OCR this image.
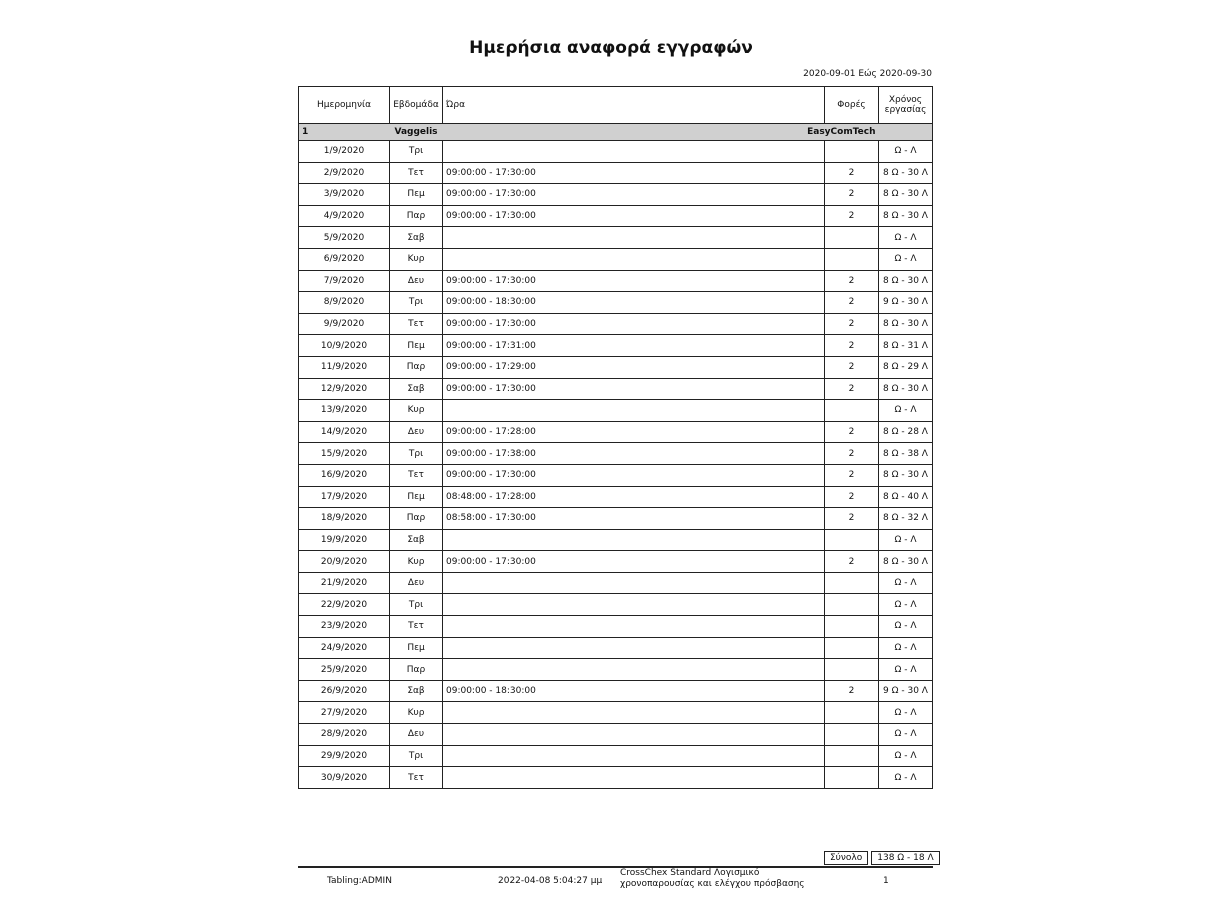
Ημερήσια αναφορά εγγραφών
2020-09-01 Εώς 2020-09-30
Ημερομηνία	Εβδομάδα	Ώρα	Φορές	Χρόνος
εργασίας
1	Vaggelis	EasyComTech		
1/9/2020	Τρι			Ω - Λ
2/9/2020	Τετ	09:00:00 - 17:30:00	2	8 Ω - 30 Λ
3/9/2020	Πεμ	09:00:00 - 17:30:00	2	8 Ω - 30 Λ
4/9/2020	Παρ	09:00:00 - 17:30:00	2	8 Ω - 30 Λ
5/9/2020	Σαβ			Ω - Λ
6/9/2020	Κυρ			Ω - Λ
7/9/2020	Δευ	09:00:00 - 17:30:00	2	8 Ω - 30 Λ
8/9/2020	Τρι	09:00:00 - 18:30:00	2	9 Ω - 30 Λ
9/9/2020	Τετ	09:00:00 - 17:30:00	2	8 Ω - 30 Λ
10/9/2020	Πεμ	09:00:00 - 17:31:00	2	8 Ω - 31 Λ
11/9/2020	Παρ	09:00:00 - 17:29:00	2	8 Ω - 29 Λ
12/9/2020	Σαβ	09:00:00 - 17:30:00	2	8 Ω - 30 Λ
13/9/2020	Κυρ			Ω - Λ
14/9/2020	Δευ	09:00:00 - 17:28:00	2	8 Ω - 28 Λ
15/9/2020	Τρι	09:00:00 - 17:38:00	2	8 Ω - 38 Λ
16/9/2020	Τετ	09:00:00 - 17:30:00	2	8 Ω - 30 Λ
17/9/2020	Πεμ	08:48:00 - 17:28:00	2	8 Ω - 40 Λ
18/9/2020	Παρ	08:58:00 - 17:30:00	2	8 Ω - 32 Λ
19/9/2020	Σαβ			Ω - Λ
20/9/2020	Κυρ	09:00:00 - 17:30:00	2	8 Ω - 30 Λ
21/9/2020	Δευ			Ω - Λ
22/9/2020	Τρι			Ω - Λ
23/9/2020	Τετ			Ω - Λ
24/9/2020	Πεμ			Ω - Λ
25/9/2020	Παρ			Ω - Λ
26/9/2020	Σαβ	09:00:00 - 18:30:00	2	9 Ω - 30 Λ
27/9/2020	Κυρ			Ω - Λ
28/9/2020	Δευ			Ω - Λ
29/9/2020	Τρι			Ω - Λ
30/9/2020	Τετ			Ω - Λ
Σύνολο	138 Ω - 18 Λ
Tabling:ADMIN	2022-04-08 5:04:27 μμ
CrossChex Standard Λογισμικό
χρονοπαρουσίας και ελέγχου πρόσβασης	1
